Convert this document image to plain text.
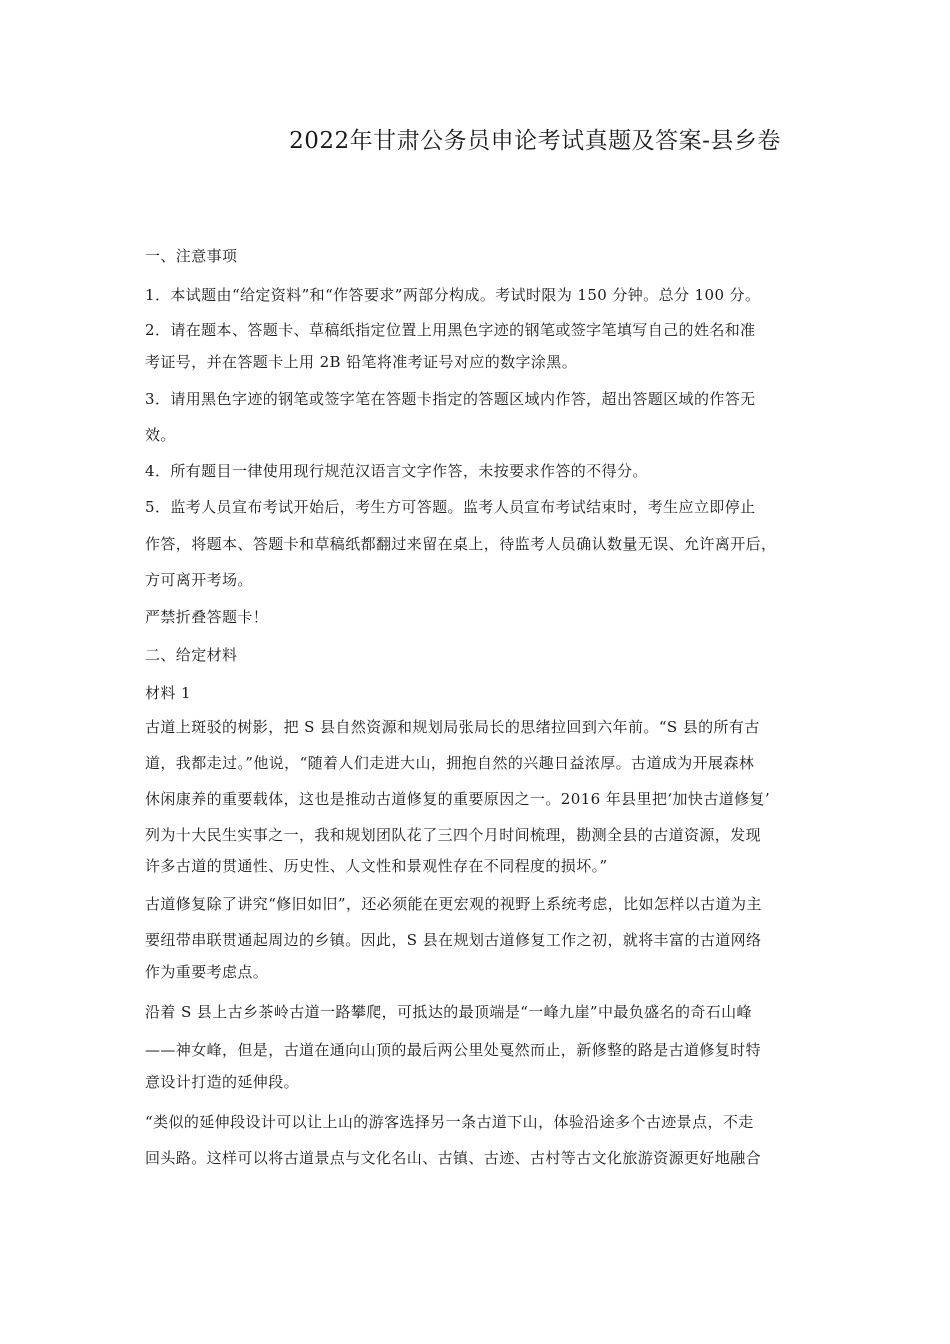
2022年甘肃公务员申论考试真题及答案-县乡卷
一、注意事项
1．本试题由“给定资料”和“作答要求”两部分构成。考试时限为 150 分钟。总分 100 分。
2．请在题本、答题卡、草稿纸指定位置上用黑色字迹的钢笔或签字笔填写自己的姓名和准
考证号，并在答题卡上用 2B 铅笔将准考证号对应的数字涂黑。
3．请用黑色字迹的钢笔或签字笔在答题卡指定的答题区域内作答，超出答题区域的作答无
效。
4．所有题目一律使用现行规范汉语言文字作答，未按要求作答的不得分。
5．监考人员宣布考试开始后，考生方可答题。监考人员宣布考试结束时，考生应立即停止
作答，将题本、答题卡和草稿纸都翻过来留在桌上，待监考人员确认数量无误、允许离开后，
方可离开考场。
严禁折叠答题卡！
二、给定材料
材料 1
古道上斑驳的树影，把 S 县自然资源和规划局张局长的思绪拉回到六年前。“S 县的所有古
道，我都走过。”他说，“随着人们走进大山，拥抱自然的兴趣日益浓厚。古道成为开展森林
休闲康养的重要载体，这也是推动古道修复的重要原因之一。2016 年县里把‘加快古道修复’
列为十大民生实事之一，我和规划团队花了三四个月时间梳理，勘测全县的古道资源，发现
许多古道的贯通性、历史性、人文性和景观性存在不同程度的损坏。”
古道修复除了讲究“修旧如旧”，还必须能在更宏观的视野上系统考虑，比如怎样以古道为主
要纽带串联贯通起周边的乡镇。因此，S 县在规划古道修复工作之初，就将丰富的古道网络
作为重要考虑点。
沿着 S 县上古乡茶岭古道一路攀爬，可抵达的最顶端是“一峰九崖”中最负盛名的奇石山峰
——神女峰，但是，古道在通向山顶的最后两公里处戛然而止，新修整的路是古道修复时特
意设计打造的延伸段。
“类似的延伸段设计可以让上山的游客选择另一条古道下山，体验沿途多个古迹景点，不走
回头路。这样可以将古道景点与文化名山、古镇、古迹、古村等古文化旅游资源更好地融合
